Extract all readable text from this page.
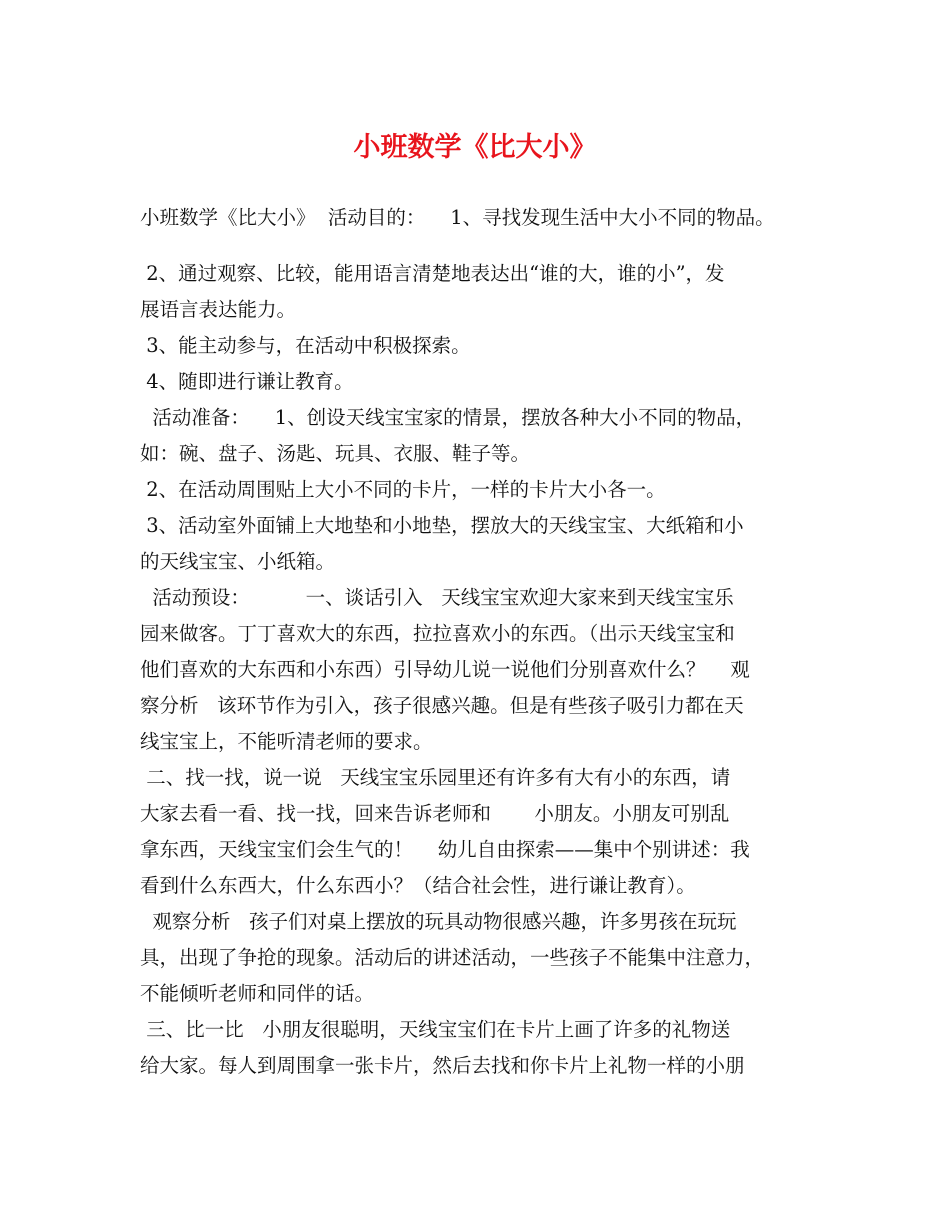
小班数学《比大小》
小班数学《比大小》  活动目的：    1、寻找发现生活中大小不同的物品。
2、通过观察、比较，能用语言清楚地表达出“谁的大，谁的小”，发
展语言表达能力。
3、能主动参与，在活动中积极探索。
4、随即进行谦让教育。
活动准备：    1、创设天线宝宝家的情景，摆放各种大小不同的物品，
如：碗、盘子、汤匙、玩具、衣服、鞋子等。
2、在活动周围贴上大小不同的卡片，一样的卡片大小各一。
3、活动室外面铺上大地垫和小地垫，摆放大的天线宝宝、大纸箱和小
的天线宝宝、小纸箱。
活动预设：         一、谈话引入   天线宝宝欢迎大家来到天线宝宝乐
园来做客。丁丁喜欢大的东西，拉拉喜欢小的东西。（出示天线宝宝和
他们喜欢的大东西和小东西）引导幼儿说一说他们分别喜欢什么？    观
察分析   该环节作为引入，孩子很感兴趣。但是有些孩子吸引力都在天
线宝宝上，不能听清老师的要求。
二、找一找，说一说   天线宝宝乐园里还有许多有大有小的东西，请
大家去看一看、找一找，回来告诉老师和       小朋友。小朋友可别乱
拿东西，天线宝宝们会生气的！    幼儿自由探索——集中个别讲述：我
看到什么东西大，什么东西小？（结合社会性，进行谦让教育）。
观察分析   孩子们对桌上摆放的玩具动物很感兴趣，许多男孩在玩玩
具，出现了争抢的现象。活动后的讲述活动，一些孩子不能集中注意力，
不能倾听老师和同伴的话。
三、比一比   小朋友很聪明，天线宝宝们在卡片上画了许多的礼物送
给大家。每人到周围拿一张卡片，然后去找和你卡片上礼物一样的小朋
